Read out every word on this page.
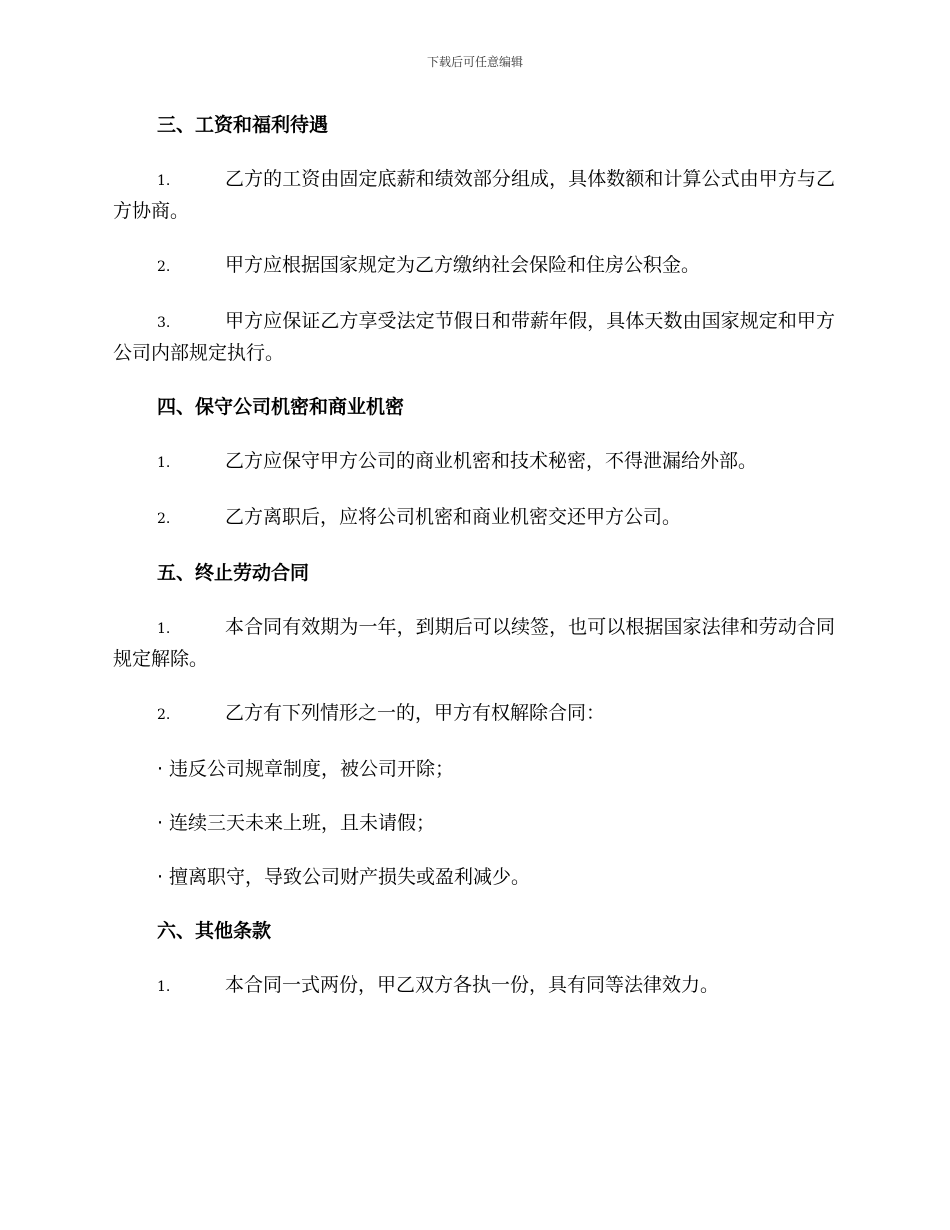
下载后可任意编辑
三、工资和福利待遇
1.	乙方的工资由固定底薪和绩效部分组成，具体数额和计算公式由甲方与乙方协商。
2.	甲方应根据国家规定为乙方缴纳社会保险和住房公积金。
3.	甲方应保证乙方享受法定节假日和带薪年假，具体天数由国家规定和甲方公司内部规定执行。
四、保守公司机密和商业机密
1.	乙方应保守甲方公司的商业机密和技术秘密，不得泄漏给外部。
2.	乙方离职后，应将公司机密和商业机密交还甲方公司。
五、终止劳动合同
1.	本合同有效期为一年，到期后可以续签，也可以根据国家法律和劳动合同规定解除。
2.	乙方有下列情形之一的，甲方有权解除合同：
· 违反公司规章制度，被公司开除；
· 连续三天未来上班，且未请假；
· 擅离职守，导致公司财产损失或盈利减少。
六、其他条款
1.	本合同一式两份，甲乙双方各执一份，具有同等法律效力。
